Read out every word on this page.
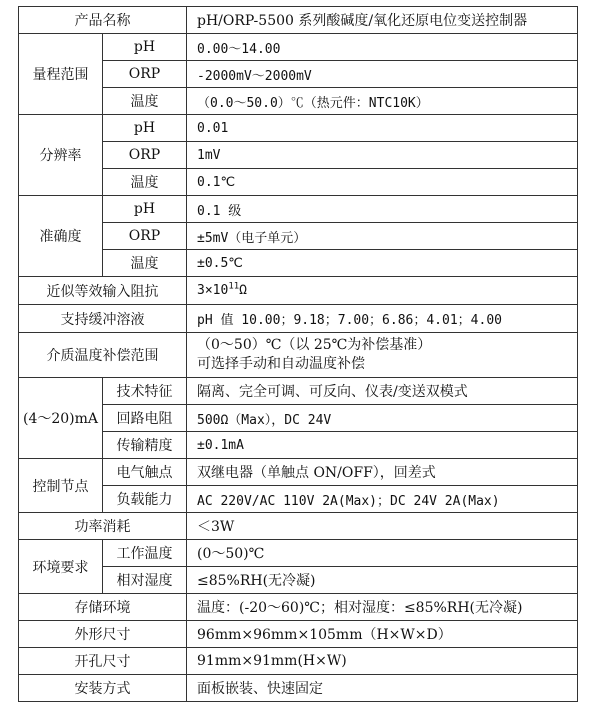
产品名称		pH/ORP-5500 系列酸碱度/氧化还原电位变送控制器
量程范围	pH	0.00～14.00
	ORP	-2000mV～2000mV
	温度	（0.0～50.0）℃（热元件：NTC10K）
分辨率	pH	0.01
	ORP	1mV
	温度	0.1℃
准确度	pH	0.1 级
	ORP	±5mV（电子单元）
	温度	±0.5℃
近似等效输入阻抗		$3\times 10^{11}\Omega$
支持缓冲溶液		pH 值 10.00；9.18；7.00；6.86；4.01；4.00
介质温度补偿范围		（0～50）℃（以 25℃为补偿基准）
可选择手动和自动温度补偿

(4～20)mA	技术特征	隔离、完全可调、可反向、仪表/变送双模式
	回路电阻	500Ω（Max），DC 24V
	传输精度	±0.1mA
控制节点	电气触点	双继电器（单触点 ON/OFF），回差式
	负载能力	AC 220V/AC 110V 2A(Max)；DC 24V 2A(Max)
功率消耗		＜3W
环境要求	工作温度	(0～50)℃
	相对湿度	≤85%RH(无冷凝)
存储环境		温度：(-20～60)℃；相对湿度：≤85%RH(无冷凝)
外形尺寸		96mm×96mm×105mm（H×W×D）
开孔尺寸		91mm×91mm(H×W)
安装方式		面板嵌装、快速固定
